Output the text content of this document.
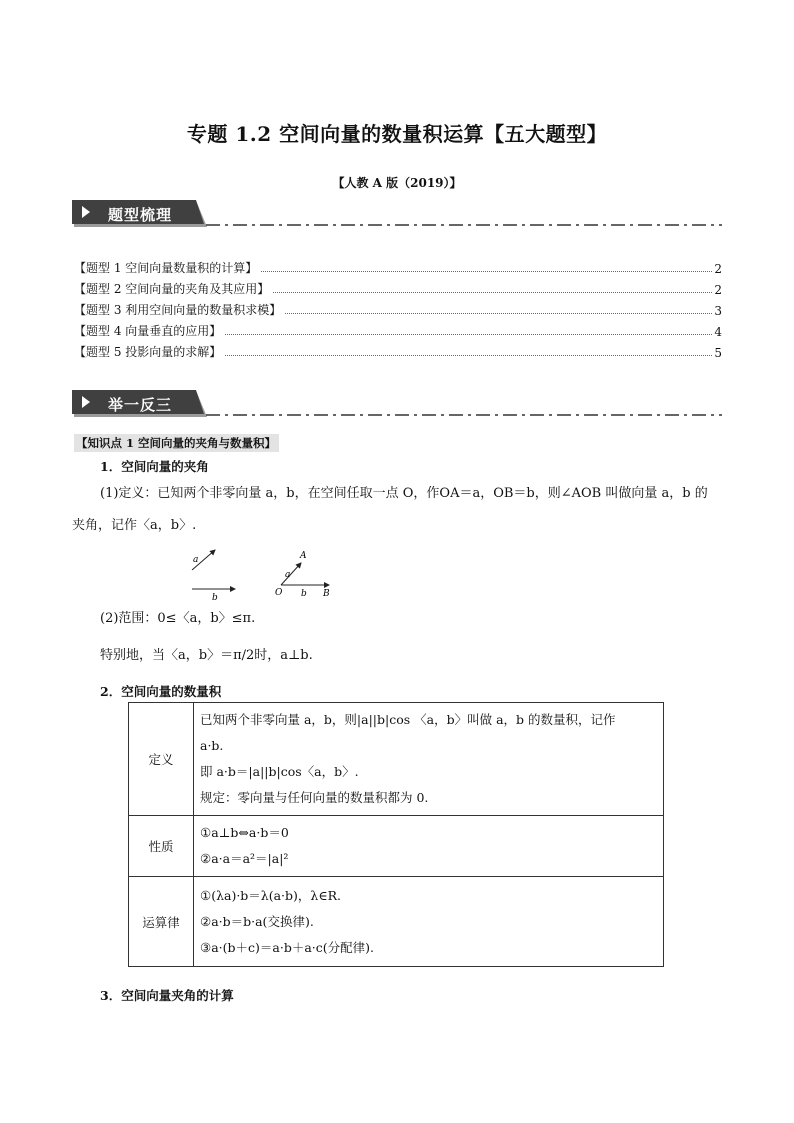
专题 1.2 空间向量的数量积运算【五大题型】
【人教 A 版（2019）】
题型梳理
【题型 1 空间向量数量积的计算】	2
【题型 2 空间向量的夹角及其应用】	2
【题型 3 利用空间向量的数量积求模】	3
【题型 4 向量垂直的应用】	4
【题型 5 投影向量的求解】	5
举一反三
【知识点 1 空间向量的夹角与数量积】
1．空间向量的夹角
(1)定义：已知两个非零向量 a，b，在空间任取一点 O，作OA＝a，OB＝b，则∠AOB 叫做向量 a，b 的
夹角，记作〈a，b〉.
a
b
A
a
O b B
(2)范围：0≤〈a，b〉≤π.
特别地，当〈a，b〉＝π/2时，a⊥b.
2．空间向量的数量积
定义	已知两个非零向量 a，b，则|a||b|cos 〈a，b〉叫做 a，b 的数量积，记作
a·b.
即 a·b＝|a||b|cos〈a，b〉.
规定：零向量与任何向量的数量积都为 0.

性质	①a⊥b⇔a·b＝0
②a·a＝a²＝|a|²

运算律	①(λa)·b＝λ(a·b)，λ∈R.
②a·b＝b·a(交换律).
③a·(b＋c)＝a·b＋a·c(分配律).
3．空间向量夹角的计算
